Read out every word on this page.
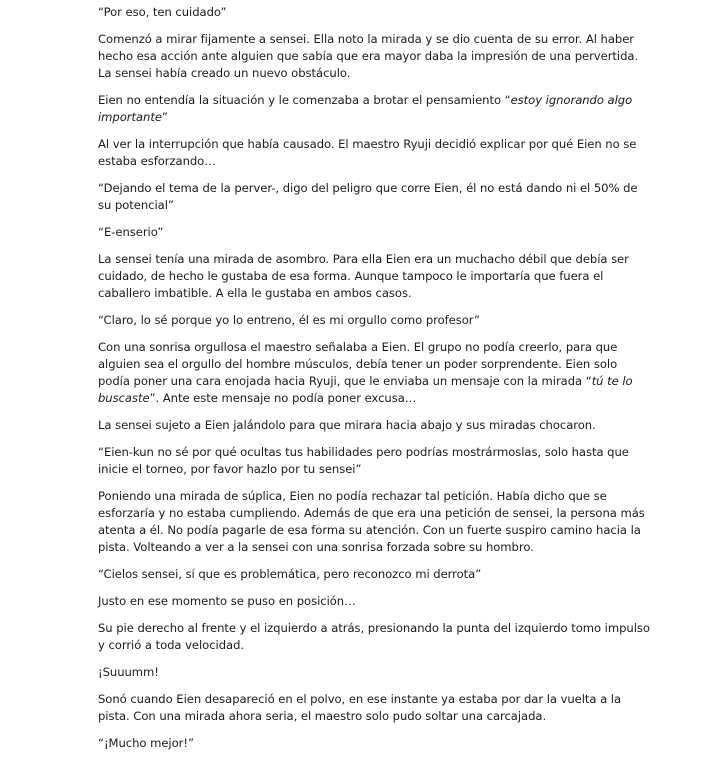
“Por eso, ten cuidado”

Comenzó a mirar fijamente a sensei. Ella noto la mirada y se dio cuenta de su error. Al haber hecho esa acción ante alguien que sabía que era mayor daba la impresión de una pervertida. La sensei había creado un nuevo obstáculo.

Eien no entendía la situación y le comenzaba a brotar el pensamiento “estoy ignorando algo importante”

Al ver la interrupción que había causado. El maestro Ryuji decidió explicar por qué Eien no se estaba esforzando…

“Dejando el tema de la perver-, digo del peligro que corre Eien, él no está dando ni el 50% de su potencial”

“E-enserio”

La sensei tenía una mirada de asombro. Para ella Eien era un muchacho débil que debía ser cuidado, de hecho le gustaba de esa forma. Aunque tampoco le importaría que fuera el caballero imbatible. A ella le gustaba en ambos casos.

“Claro, lo sé porque yo lo entreno, él es mi orgullo como profesor”

Con una sonrisa orgullosa el maestro señalaba a Eien. El grupo no podía creerlo, para que alguien sea el orgullo del hombre músculos, debía tener un poder sorprendente. Eien solo podía poner una cara enojada hacia Ryuji, que le enviaba un mensaje con la mirada “tú te lo buscaste”. Ante este mensaje no podía poner excusa…

La sensei sujeto a Eien jalándolo para que mirara hacia abajo y sus miradas chocaron.

“Eien-kun no sé por qué ocultas tus habilidades pero podrías mostrármoslas, solo hasta que inicie el torneo, por favor hazlo por tu sensei”

Poniendo una mirada de súplica, Eien no podía rechazar tal petición. Había dicho que se esforzaría y no estaba cumpliendo. Además de que era una petición de sensei, la persona más atenta a él. No podía pagarle de esa forma su atención. Con un fuerte suspiro camino hacia la pista. Volteando a ver a la sensei con una sonrisa forzada sobre su hombro.

“Cielos sensei, sí que es problemática, pero reconozco mi derrota”

Justo en ese momento se puso en posición…

Su pie derecho al frente y el izquierdo a atrás, presionando la punta del izquierdo tomo impulso y corrió a toda velocidad.

¡Suuumm!

Sonó cuando Eien desapareció en el polvo, en ese instante ya estaba por dar la vuelta a la pista. Con una mirada ahora seria, el maestro solo pudo soltar una carcajada.

“¡Mucho mejor!”
